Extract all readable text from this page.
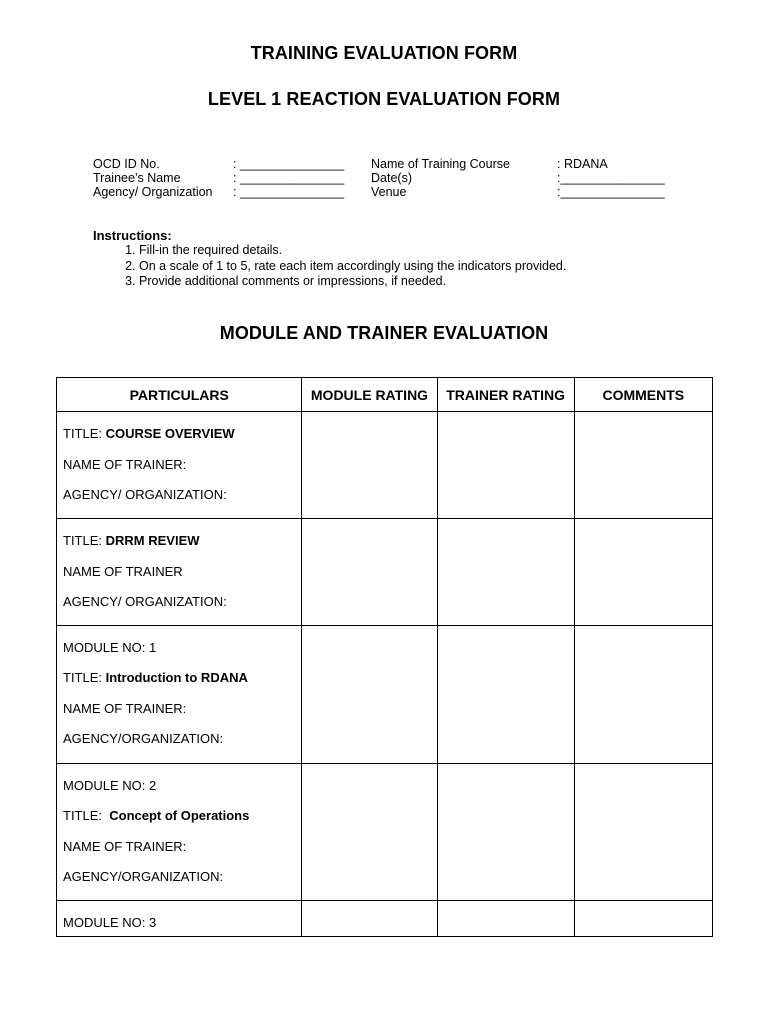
TRAINING EVALUATION FORM
LEVEL 1 REACTION EVALUATION FORM
OCD ID No.	: _______________
Trainee’s Name	: _______________
Agency/ Organization : _______________
Name of Training Course	: RDANA
Date(s)	:_______________
Venue	:_______________
Instructions:
1. Fill-in the required details.
2. On a scale of 1 to 5, rate each item accordingly using the indicators provided.
3. Provide additional comments or impressions, if needed.
MODULE AND TRAINER EVALUATION
PARTICULARS	MODULE RATING	TRAINER RATING	COMMENTS

TITLE: COURSE OVERVIEW
NAME OF TRAINER:
AGENCY/ ORGANIZATION:			

TITLE: DRRM REVIEW
NAME OF TRAINER
AGENCY/ ORGANIZATION:			

MODULE NO: 1
TITLE: Introduction to RDANA
NAME OF TRAINER:
AGENCY/ORGANIZATION:			

MODULE NO: 2
TITLE:  Concept of Operations
NAME OF TRAINER:
AGENCY/ORGANIZATION:			

MODULE NO: 3			
